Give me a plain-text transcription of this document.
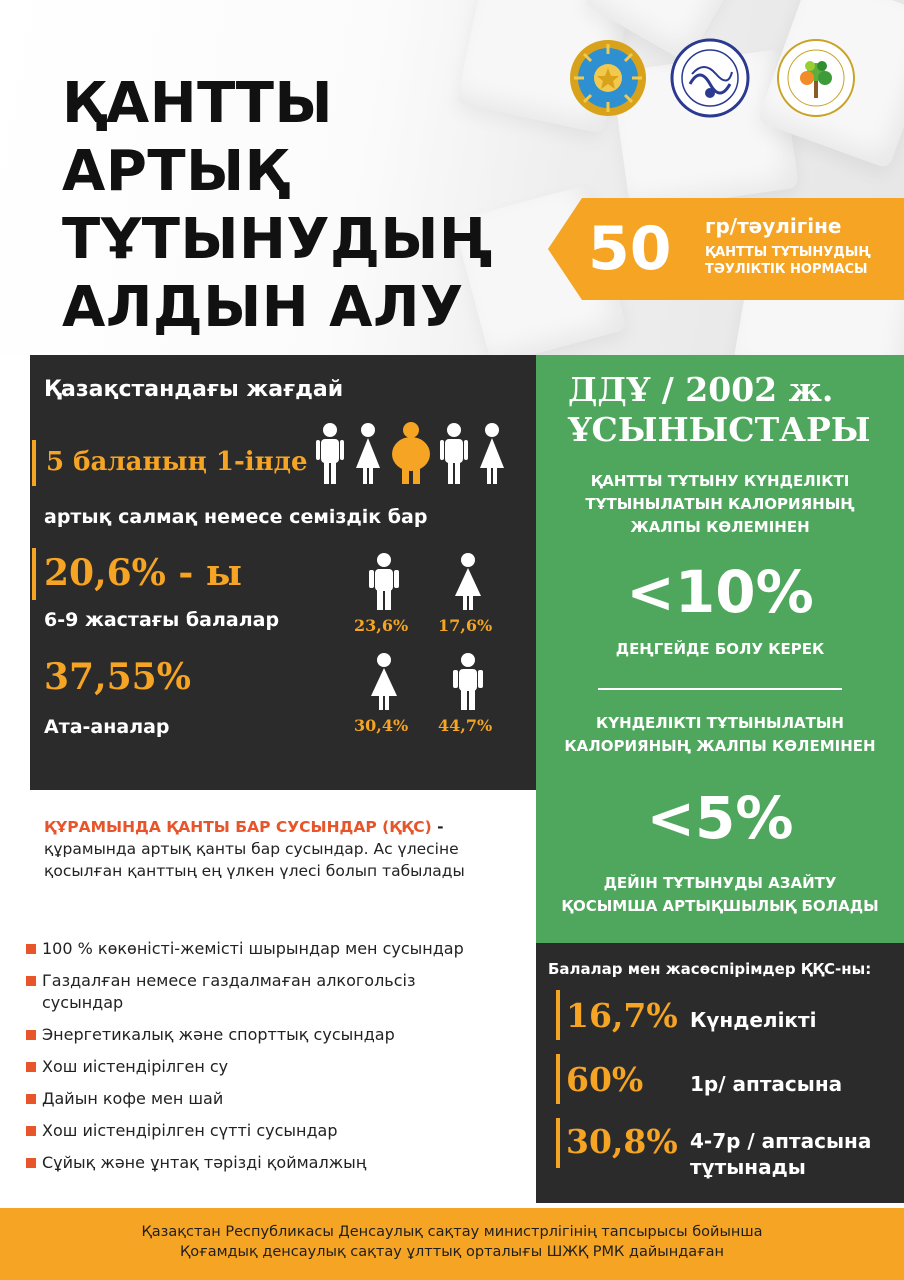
ҚАНТТЫ
АРТЫҚ
ТҰТЫНУДЫҢ
АЛДЫН АЛУ
50	гр/тәулігіне
ҚАНТТЫ ТҰТЫНУДЫҢ
ТӘУЛІКТІК НОРМАСЫ
Қазақстандағы жағдай
5 баланың 1-інде
артық салмақ немесе семіздік бар
20,6% - ы
6-9 жастағы балалар	23,6% 17,6%
37,55%
Ата-аналар	30,4% 44,7%
ДДҰ / 2002 ж.
ҰСЫНЫСТАРЫ
ҚАНТТЫ ТҰТЫНУ КҮНДЕЛІКТІ
ТҰТЫНЫЛАТЫН КАЛОРИЯНЫҢ
ЖАЛПЫ КӨЛЕМІНЕН
<10%
ДЕҢГЕЙДЕ БОЛУ КЕРЕК
КҮНДЕЛІКТІ ТҰТЫНЫЛАТЫН
КАЛОРИЯНЫҢ ЖАЛПЫ КӨЛЕМІНЕН
<5%
ДЕЙІН ТҰТЫНУДЫ АЗАЙТУ
ҚОСЫМША АРТЫҚШЫЛЫҚ БОЛАДЫ
ҚҰРАМЫНДА ҚАНТЫ БАР СУСЫНДАР (ҚҚС) -
құрамында артық қанты бар сусындар. Ас үлесіне
қосылған қанттың ең үлкен үлесі болып табылады
100 % көкөністі-жемісті шырындар мен сусындар
Газдалған немесе газдалмаған алкогольсіз
сусындар
Энергетикалық және спорттық сусындар
Хош иістендірілген су
Дайын кофе мен шай
Хош иістендірілген сүтті сусындар
Сұйық және ұнтақ тәрізді қоймалжың
Балалар мен жасөспірімдер ҚҚС-ны:
16,7% Күнделікті
60% 1р/ аптасына
30,8% 4-7р / аптасына
тұтынады
Қазақстан Республикасы Денсаулық сақтау министрлігінің тапсырысы бойынша
Қоғамдық денсаулық сақтау ұлттық орталығы ШЖҚ РМК дайындаған
